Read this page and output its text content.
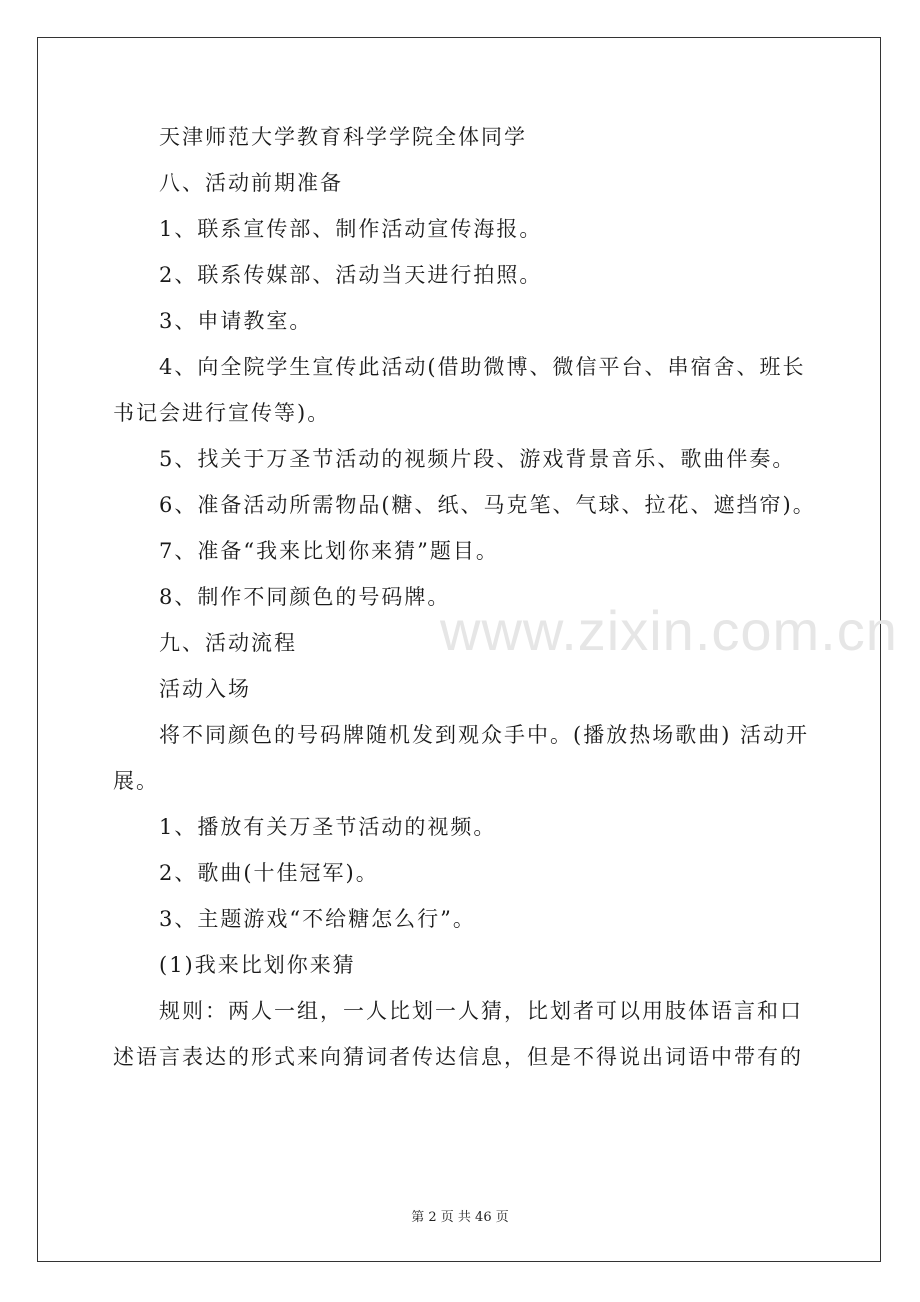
www.zixin.com.cn

天津师范大学教育科学学院全体同学

八、活动前期准备

1、联系宣传部、制作活动宣传海报。

2、联系传媒部、活动当天进行拍照。

3、申请教室。

4、向全院学生宣传此活动(借助微博、微信平台、串宿舍、班长

书记会进行宣传等)。

5、找关于万圣节活动的视频片段、游戏背景音乐、歌曲伴奏。

6、准备活动所需物品(糖、纸、马克笔、气球、拉花、遮挡帘)。

7、准备“我来比划你来猜”题目。

8、制作不同颜色的号码牌。

九、活动流程

活动入场

将不同颜色的号码牌随机发到观众手中。(播放热场歌曲) 活动开

展。

1、播放有关万圣节活动的视频。

2、歌曲(十佳冠军)。

3、主题游戏“不给糖怎么行”。

(1)我来比划你来猜

规则：两人一组，一人比划一人猜，比划者可以用肢体语言和口

述语言表达的形式来向猜词者传达信息，但是不得说出词语中带有的

第 2 页 共 46 页
